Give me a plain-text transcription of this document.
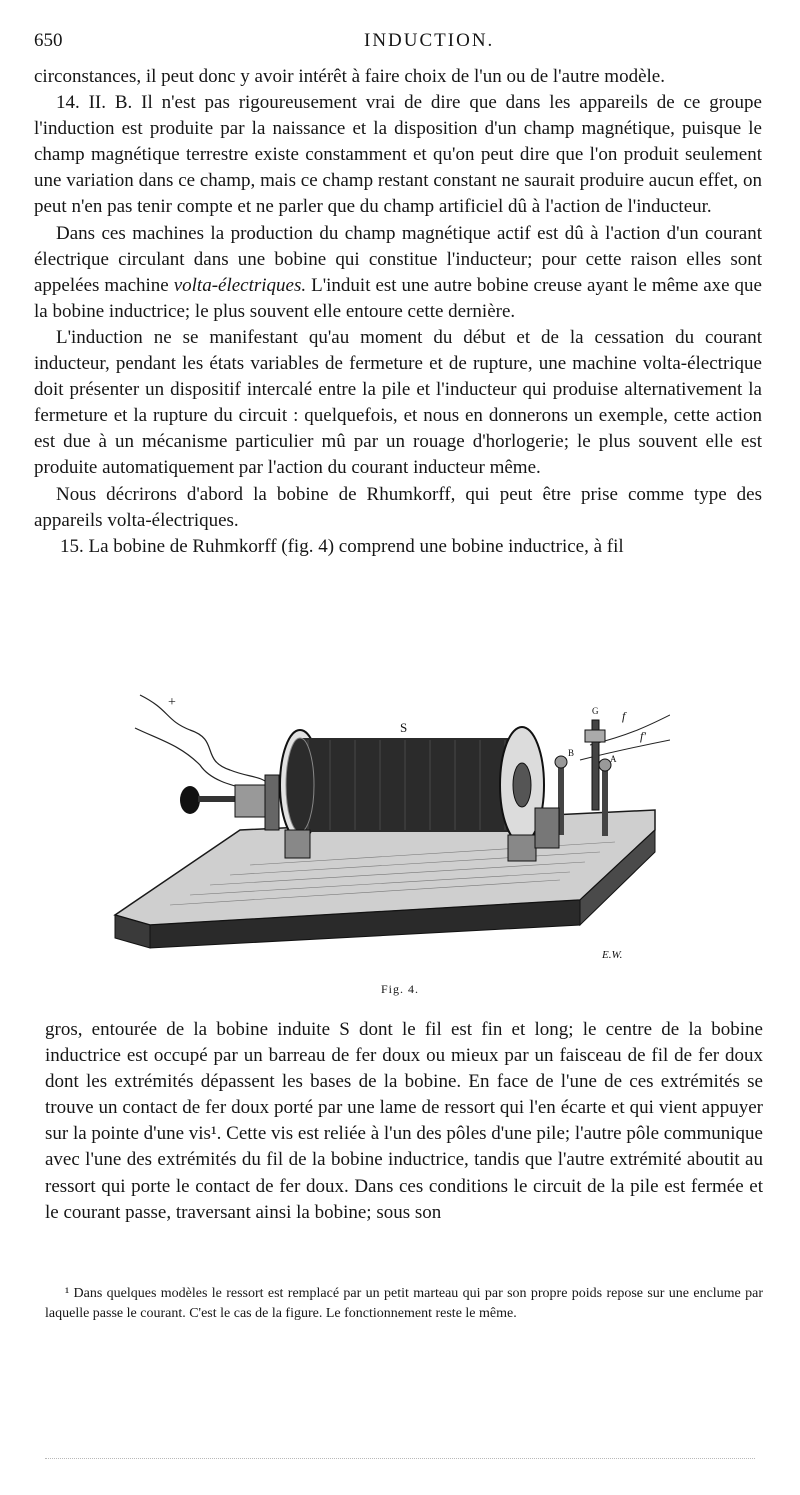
650	INDUCTION.

circonstances, il peut donc y avoir intérêt à faire choix de l'un ou de l'autre modèle.

14. II. B. Il n'est pas rigoureusement vrai de dire que dans les appareils de ce groupe l'induction est produite par la naissance et la disposition d'un champ magnétique, puisque le champ magnétique terrestre existe constamment et qu'on peut dire que l'on produit seulement une variation dans ce champ, mais ce champ restant constant ne saurait produire aucun effet, on peut n'en pas tenir compte et ne parler que du champ artificiel dû à l'action de l'inducteur.

Dans ces machines la production du champ magnétique actif est dû à l'action d'un courant électrique circulant dans une bobine qui constitue l'inducteur; pour cette raison elles sont appelées machine volta-électriques. L'induit est une autre bobine creuse ayant le même axe que la bobine inductrice; le plus souvent elle entoure cette dernière.

L'induction ne se manifestant qu'au moment du début et de la cessation du courant inducteur, pendant les états variables de fermeture et de rupture, une machine volta-électrique doit présenter un dispositif intercalé entre la pile et l'inducteur qui produise alternativement la fermeture et la rupture du circuit : quelquefois, et nous en donnerons un exemple, cette action est due à un mécanisme particulier mû par un rouage d'horlogerie; le plus souvent elle est produite automatiquement par l'action du courant inducteur même.

Nous décrirons d'abord la bobine de Rhumkorff, qui peut être prise comme type des appareils volta-électriques.

15. La bobine de Ruhmkorff (fig. 4) comprend une bobine inductrice, à fil

+
S
G f
f'
B
A
E.W.
Fig. 4.

gros, entourée de la bobine induite S dont le fil est fin et long; le centre de la bobine inductrice est occupé par un barreau de fer doux ou mieux par un faisceau de fil de fer doux dont les extrémités dépassent les bases de la bobine. En face de l'une de ces extrémités se trouve un contact de fer doux porté par une lame de ressort qui l'en écarte et qui vient appuyer sur la pointe d'une vis¹. Cette vis est reliée à l'un des pôles d'une pile; l'autre pôle communique avec l'une des extrémités du fil de la bobine inductrice, tandis que l'autre extrémité aboutit au ressort qui porte le contact de fer doux. Dans ces conditions le circuit de la pile est fermée et le courant passe, traversant ainsi la bobine; sous son

¹ Dans quelques modèles le ressort est remplacé par un petit marteau qui par son propre poids repose sur une enclume par laquelle passe le courant. C'est le cas de la figure. Le fonctionnement reste le même.
